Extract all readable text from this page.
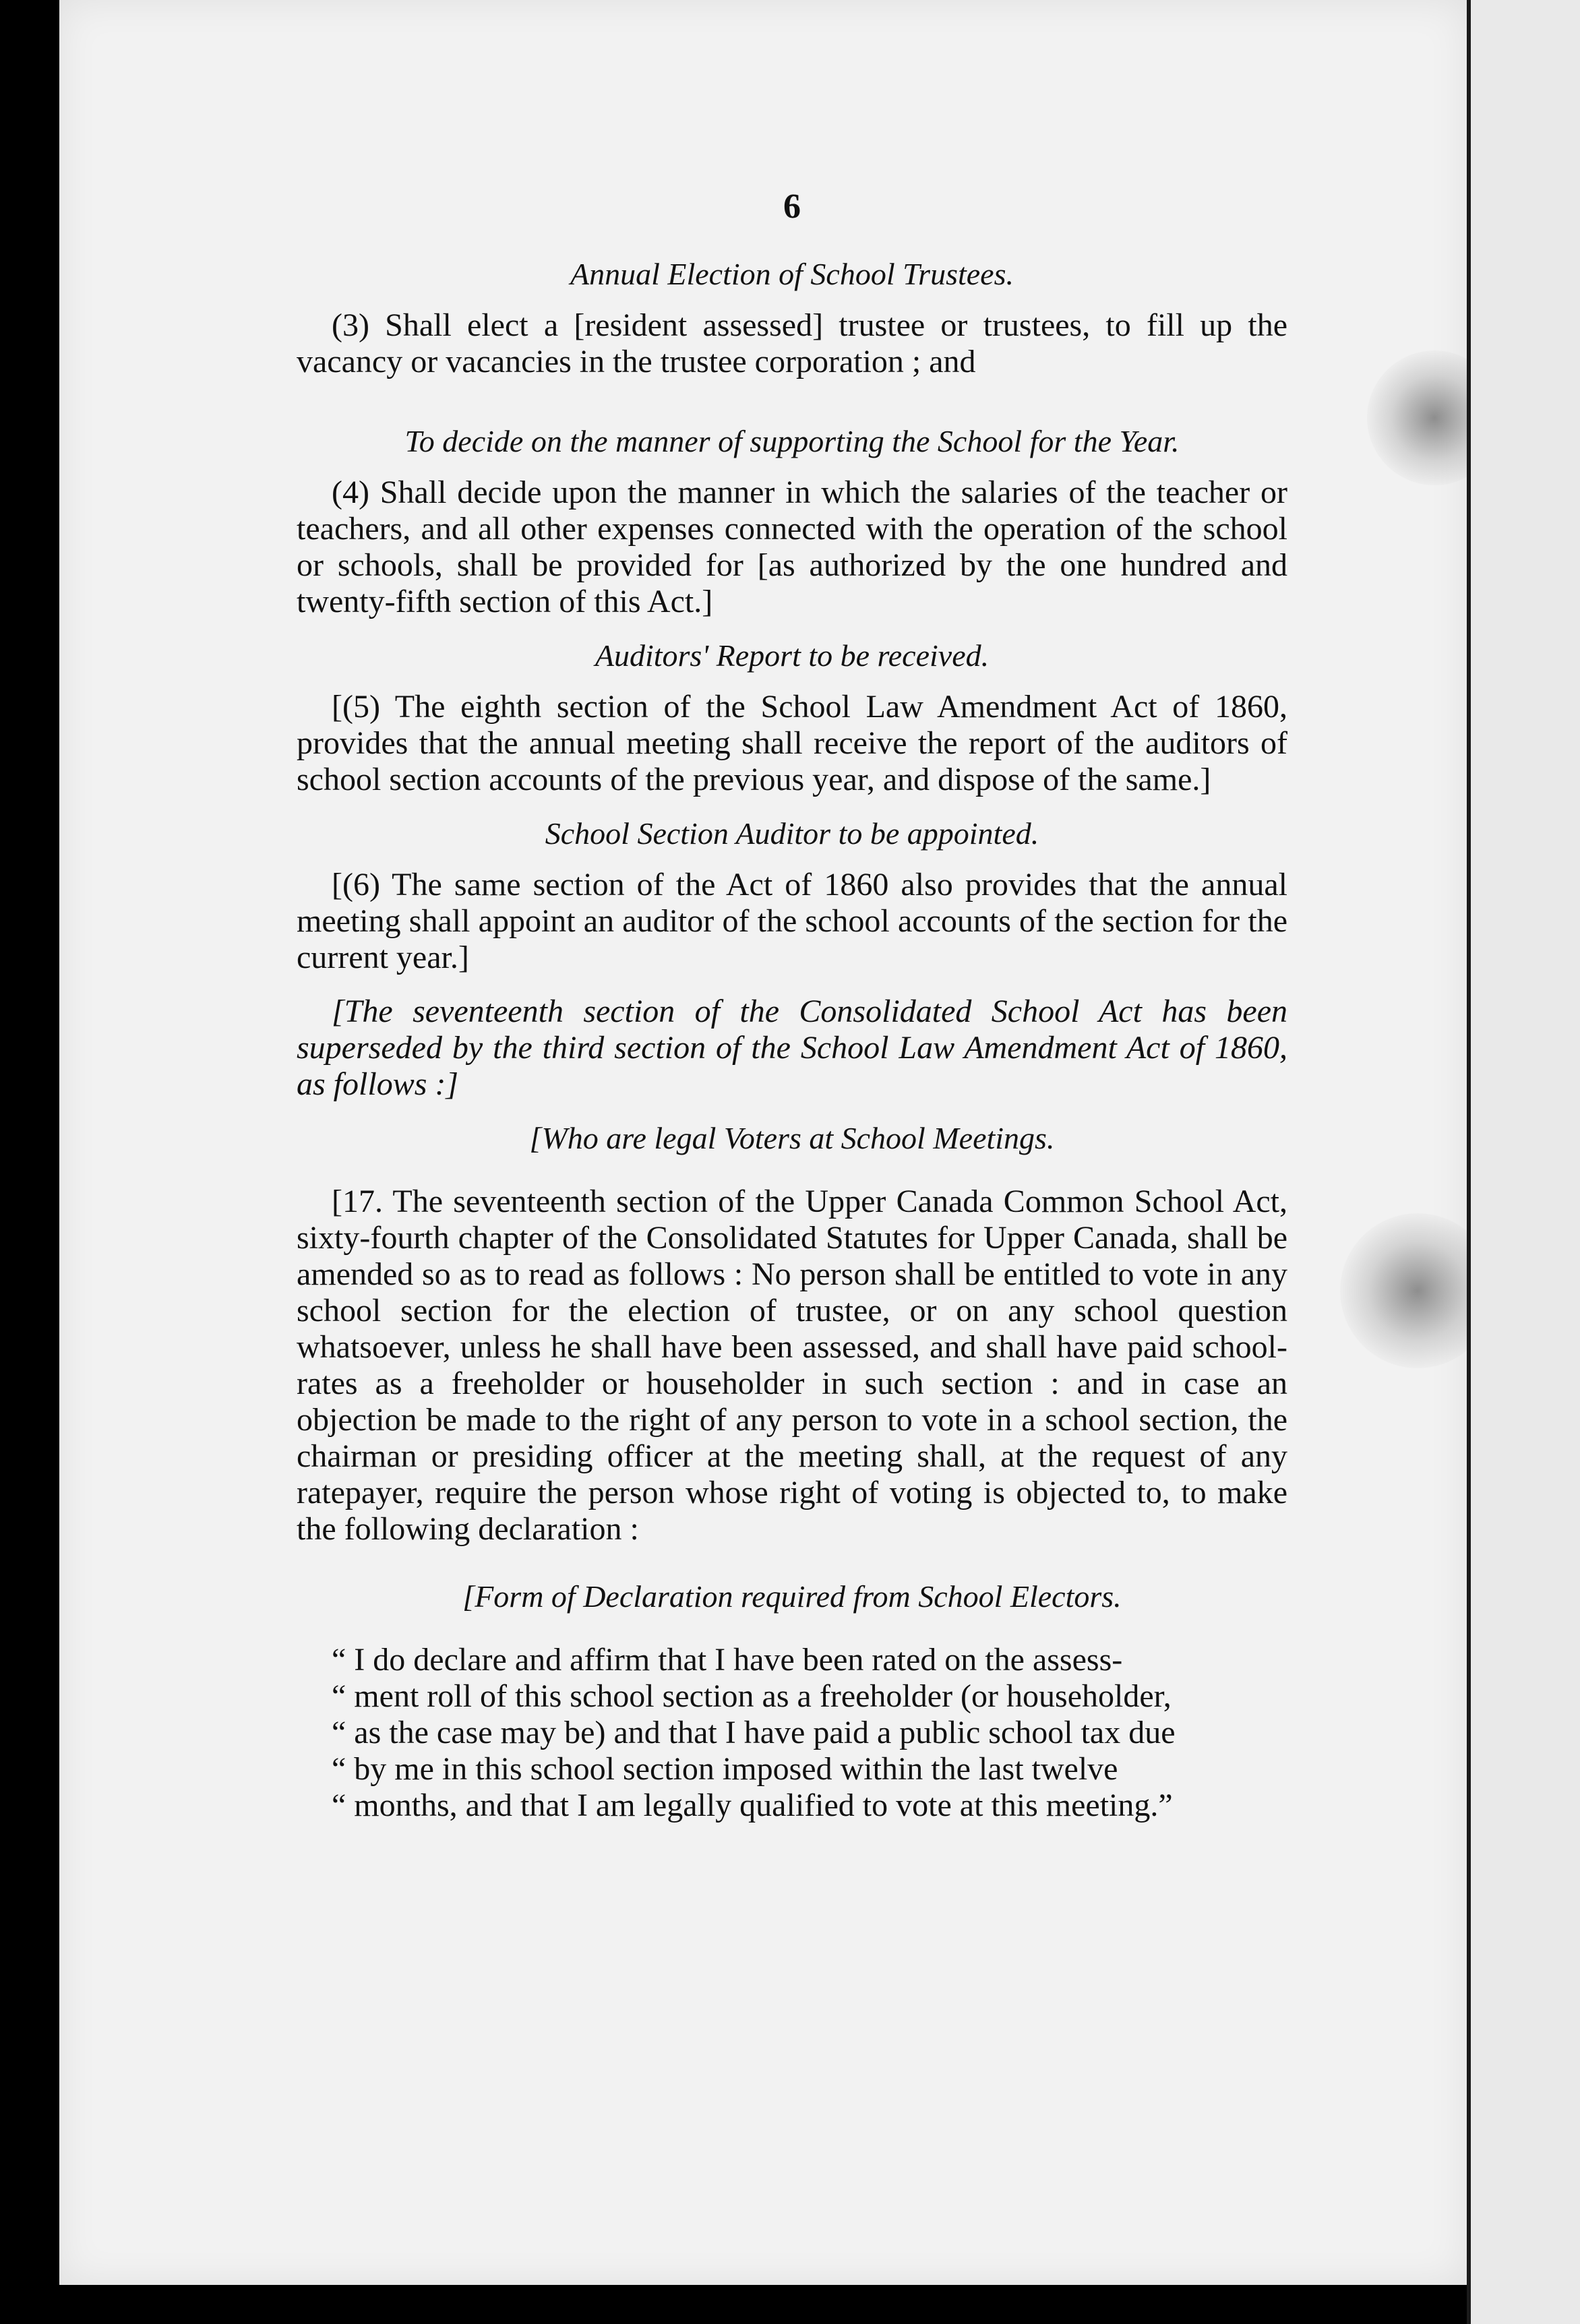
6
Annual Election of School Trustees.

(3) Shall elect a [resident assessed] trustee or trustees, to fill up the vacancy or vacancies in the trustee corporation ; and

To decide on the manner of supporting the School for the Year.

(4) Shall decide upon the manner in which the salaries of the teacher or teachers, and all other expenses connected with the operation of the school or schools, shall be provided for [as authorized by the one hundred and twenty-fifth section of this Act.]

Auditors' Report to be received.

[(5) The eighth section of the School Law Amendment Act of 1860, provides that the annual meeting shall receive the report of the auditors of school section accounts of the previous year, and dispose of the same.]

School Section Auditor to be appointed.

[(6) The same section of the Act of 1860 also provides that the annual meeting shall appoint an auditor of the school accounts of the section for the current year.]

[The seventeenth section of the Consolidated School Act has been superseded by the third section of the School Law Amendment Act of 1860, as follows :]

[Who are legal Voters at School Meetings.

[17. The seventeenth section of the Upper Canada Common School Act, sixty-fourth chapter of the Consolidated Statutes for Upper Canada, shall be amended so as to read as follows : No person shall be entitled to vote in any school section for the election of trustee, or on any school question whatsoever, unless he shall have been assessed, and shall have paid school-rates as a freeholder or householder in such section : and in case an objection be made to the right of any person to vote in a school section, the chairman or presiding officer at the meeting shall, at the request of any ratepayer, require the person whose right of voting is objected to, to make the following declaration :

[Form of Declaration required from School Electors.

“ I do declare and affirm that I have been rated on the assess-

“ ment roll of this school section as a freeholder (or householder,

“ as the case may be) and that I have paid a public school tax due

“ by me in this school section imposed within the last twelve

“ months, and that I am legally qualified to vote at this meeting.”
